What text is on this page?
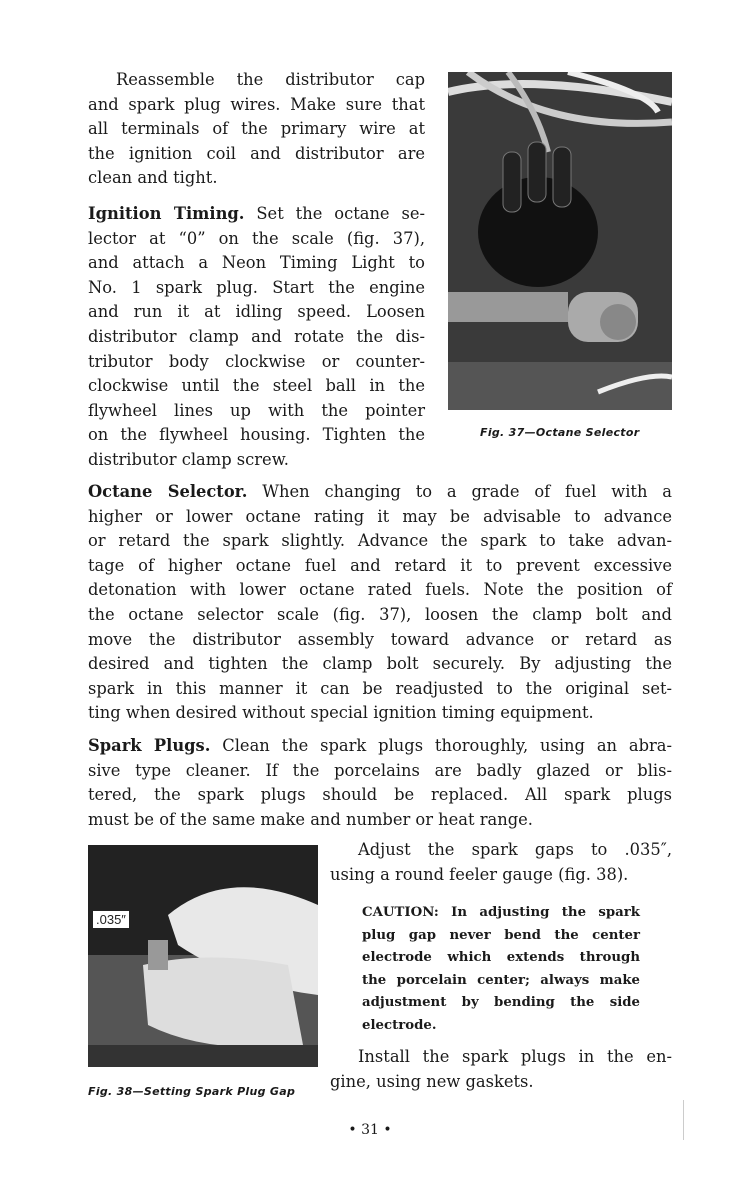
Reassemble the distributor cap
and spark plug wires. Make sure that
all terminals of the primary wire at
the ignition coil and distributor are
clean and tight.
Ignition Timing. Set the octane se-
lector at “0” on the scale (fig. 37),
and attach a Neon Timing Light to
No. 1 spark plug. Start the engine
and run it at idling speed. Loosen
distributor clamp and rotate the dis-
tributor body clockwise or counter-
clockwise until the steel ball in the
flywheel lines up with the pointer
on the flywheel housing. Tighten the
distributor clamp screw.
Octane Selector. When changing to a grade of fuel with a
higher or lower octane rating it may be advisable to advance
or retard the spark slightly. Advance the spark to take advan-
tage of higher octane fuel and retard it to prevent excessive
detonation with lower octane rated fuels. Note the position of
the octane selector scale (fig. 37), loosen the clamp bolt and
move the distributor assembly toward advance or retard as
desired and tighten the clamp bolt securely. By adjusting the
spark in this manner it can be readjusted to the original set-
ting when desired without special ignition timing equipment.
Spark Plugs. Clean the spark plugs thoroughly, using an abra-
sive type cleaner. If the porcelains are badly glazed or blis-
tered, the spark plugs should be replaced. All spark plugs
must be of the same make and number or heat range.
Adjust the spark gaps to .035″,
using a round feeler gauge (fig. 38).
Install the spark plugs in the en-
gine, using new gaskets.
CAUTION: In adjusting the spark
plug gap never bend the center
electrode which extends through
the porcelain center; always make
adjustment by bending the side
electrode.
Fig. 37—Octane Selector
.035″
Fig. 38—Setting Spark Plug Gap
• 31 •
